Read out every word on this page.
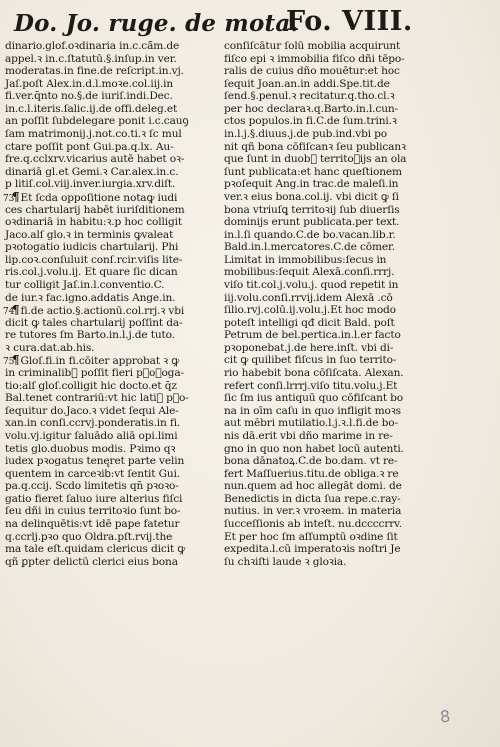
Do. Jo. ruge. de mota.
Fo. VIII.
dinario.glof.oꝛdinaria in.c.cā̄m.de
appel.ꝛ in.c.ſtatutū.§.inſup.in ver.
moderatas.in fine.de reſcript.in.vj.
Jaſ.poſt Alex.in.d.l.moꝛe.col.iij.in
fi.ver.q̄nto no.§.de iuriſ.indi.Dec.
in.c.l.iteris.ſalic.ij.de offi.deleg.et
an poſſit ſubdelegare ponit i.c.cauꝯ
ſam matrimonij.j.not.co.ti.ꝛ ſc mul
ctare poſſit pont Gui.pa.q.lx. Au-
fre.q.cclxrv.vicarius autē habet oꝛ-
dinariā gl.et Gemi.ꝛ Car.alex.in.c.
p litiſ.col.viij.inver.iurgia.xrv.diſt.
73¶Et ſcda oppoſitione notaꝙ iudi
ces chartularij habēt iuriſditionem
oꝛdinariā in habitu:ꝛ.p hoc colligit
Jaco.alſ glo.ꝛ in terminis ꝙvaleat
pꝛotogatio iudicis chartularij. Phi
lip.coꝛ.conſuluit conſ.rcir.viſis lite-
ris.col.j.volu.ij. Et quare ſic dican
tur colligit Jaſ.in.l.conventio.C.
de iur.ꝛ fac.igno.addatis Ange.in.
74¶fi.de actio.§.actionū.col.rrj.ꝛ vbi
dicit ꝙ tales chartularij poſſint da-
re tutores ſm Barto.in.l.j.de tuto.
ꝛ cura.dat.ab.his.
75¶Gloſ.fi.in fi.cōiter approbat ꝛ ꝙ
in criminalib᷒ poſſit fieri pꝛoꝛoga-
tio:alſ gloſ.colligit hic docto.et q̄z
Bal.tenet contrariū:vt hic lati᷒ pꝛo-
ſequitur do.Jaco.ꝛ videt ſequi Ale-
xan.in conſi.ccrvj.ponderatis.in fi.
volu.vj.igitur ſaluādo aliā opi.limi
tetis glo.duobus modis. Pꝛimo qꝛ
iudex pꝛogatus teneret parte velin
quentem in carceꝛib᷒:vt ſentit Gui.
pa.q.ccij. Scdo limitetis qn̄ pꝛoꝛo-
gatio fieret ſaluo iure alterius fiſci
ſeu dñi in cuius territoꝛio ſunt bo-
na delinquētis:vt idē pape fatetur
q.ccrlj.pꝛo quo Oldra.pſt.rvij.the
ma tale eſt.quidam clericus dicit ꝙ
qñ ꝑpter delictū clerici eius bona
conſiſcātur ſolū mobilia acquirunt
fiſco epi ꝛ immobilia fiſco dñi tēpo-
ralis de cuius dño mouētur:et hoc
ſequit Joan.an.in addi.Spe.tit.de
ſend.§.penul.ꝛ recitatur.q.tho.cl.ꝛ
per hoc declaraꝛ.q.Barto.in.l.cun-
ctos populos.in fi.C.de ſum.trini.ꝛ
in.l.j.§.diuus.j.de pub.ind.vbi po
nit qñ bona cōfiſcanꝛ ſeu publicanꝛ
que ſunt in duob᷒ territoꝛijs an ola
ſunt publicata:et hanc queſtionem
pꝛoſequit Ang.in trac.de maleſi.in
ver.ꝛ eius bona.col.ij. vbi dicit ꝙ ſi
bona vtriuſꝗ territoꝛij ſub diuerſis
dominijs erunt publicata.per text.
in.l.ſi quando.C.de bo.vacan.lib.r.
Bald.in.l.mercatores.C.de cōmer.
Limitat in immobilibus:ſecus in
mobilibus:ſequit Alexā.conſi.rrrj.
viſo tit.col.j.volu.j. quod repetit in
iij.volu.conſi.rrvij.idem Alexā .cō
ſilio.rvj.colū.ij.volu.j.Et hoc modo
poteſt intelligi qđ dicit Bald. poſt
Petrum de bel.pertica.in.l.er facto
pꝛoponebat.j.de here.inſt. vbi di-
cit ꝙ quilibet fiſcus in ſuo territo-
rio habebit bona cōſiſcata. Alexan.
refert conſi.lrrrj.viſo titu.volu.j.Et
ſic ſm ius antiquū quo cōfiſcant bo
na in oīm caſu in quo infligit moꝛs
aut mēbri mutilatio.l.j.ꝛ.l.fi.de bo-
nis dā.erit vbi dño marime in re-
gno in quo non habet locū autenti.
bona dānatoꝝ.C.de bo.dam. vt re-
fert Maſſuerius.titu.de obliga.ꝛ re
nun.quem ad hoc allegāt domi. de
Benedictis in dicta ſua repe.c.ray-
nutius. in ver.ꝛ vroꝛem. in materia
ſucceſſionis ab inteſt. nu.dccccrrv.
Et per hoc ſm aſſumptū oꝛdine ſit
expedita.l.cū imperatoꝛis noſtri Je
ſu chꝛiſti laude ꝛ gloꝛia.
8
